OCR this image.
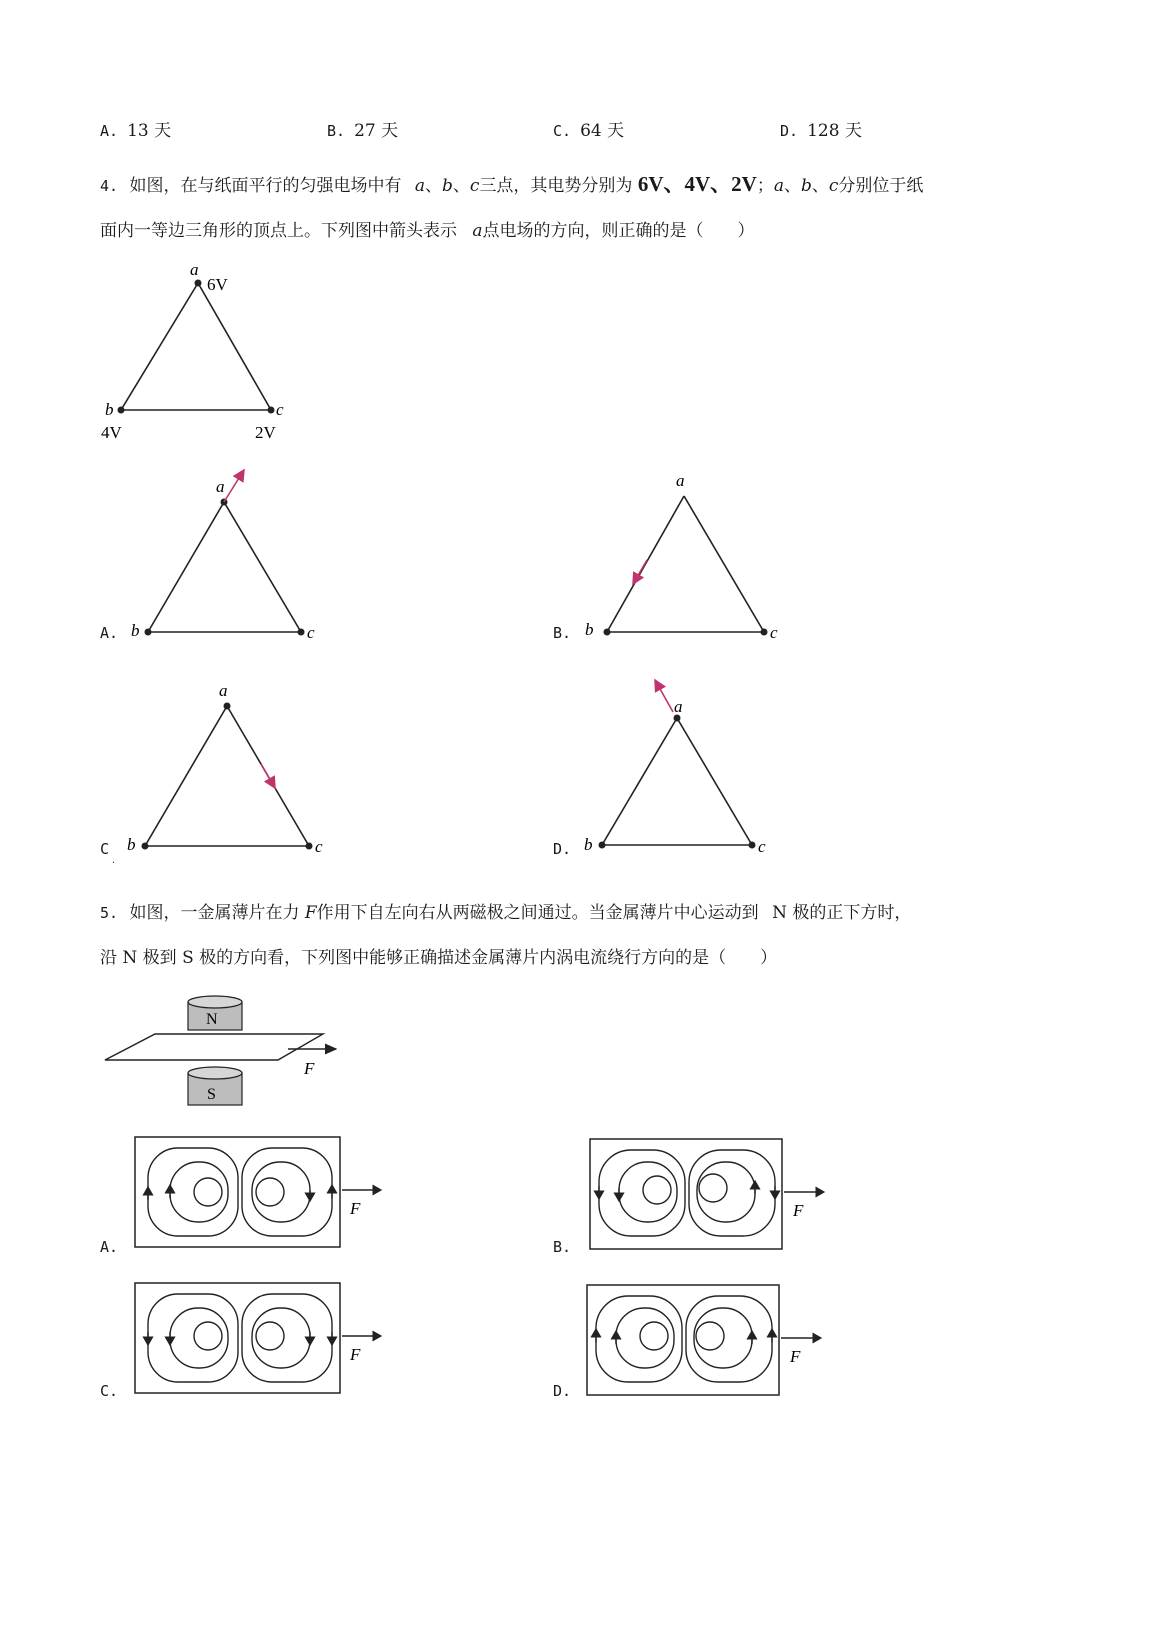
A. 13 天	B. 27 天	C. 64 天	D. 128 天
4. 如图，在与纸面平行的匀强电场中有 a、b、c三点，其电势分别为 6V、4V、2V；a、b、c分别位于纸
面内一等边三角形的顶点上。下列图中箭头表示 a点电场的方向，则正确的是（　　）
a
6V
b
4V
c
2V
A.
a
b	c	B.
a
b	c
C
·
a
b	c	D.
a
b	c
5. 如图，一金属薄片在力 F作用下自左向右从两磁极之间通过。当金属薄片中心运动到 N 极的正下方时，
沿 N 极到 S 极的方向看，下列图中能够正确描述金属薄片内涡电流绕行方向的是（　　）
N
F
S
A.
F
B.
F
C.
F
D.
F
